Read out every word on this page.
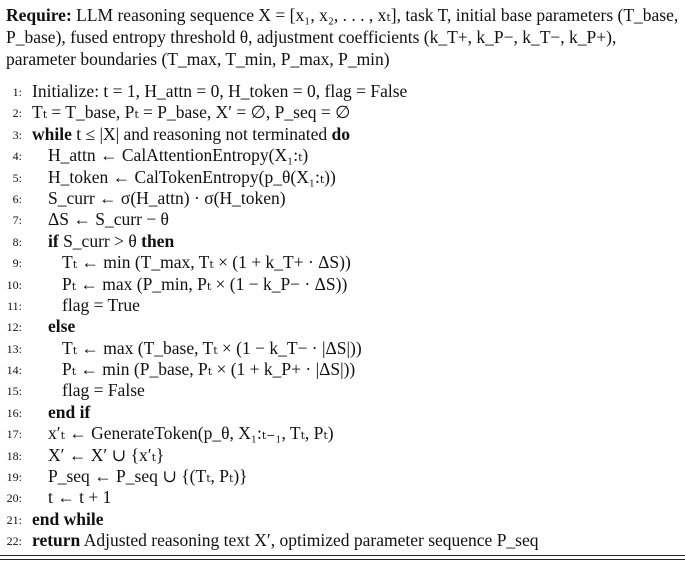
Require: LLM reasoning sequence X = [x₁, x₂, . . . , xₜ], task T, initial base parameters (T_base, P_base), fused entropy threshold θ, adjustment coefficients (k_T+, k_P−, k_T−, k_P+), parameter boundaries (T_max, T_min, P_max, P_min)
1: Initialize: t = 1, H_attn = 0, H_token = 0, flag = False
2: Tₜ = T_base, Pₜ = P_base, X′ = ∅, P_seq = ∅
3: while t ≤ |X| and reasoning not terminated do
4: H_attn ← CalAttentionEntropy(X₁:ₜ)
5: H_token ← CalTokenEntropy(p_θ(X₁:ₜ))
6: S_curr ← σ(H_attn) · σ(H_token)
7: ΔS ← S_curr − θ
8: if S_curr > θ then
9: Tₜ ← min (T_max, Tₜ × (1 + k_T+ · ΔS))
10: Pₜ ← max (P_min, Pₜ × (1 − k_P− · ΔS))
11: flag = True
12: else
13: Tₜ ← max (T_base, Tₜ × (1 − k_T− · |ΔS|))
14: Pₜ ← min (P_base, Pₜ × (1 + k_P+ · |ΔS|))
15: flag = False
16: end if
17: x′ₜ ← GenerateToken(p_θ, X₁:ₜ₋₁, Tₜ, Pₜ)
18: X′ ← X′ ∪ {x′ₜ}
19: P_seq ← P_seq ∪ {(Tₜ, Pₜ)}
20: t ← t + 1
21: end while
22: return Adjusted reasoning text X′, optimized parameter sequence P_seq
